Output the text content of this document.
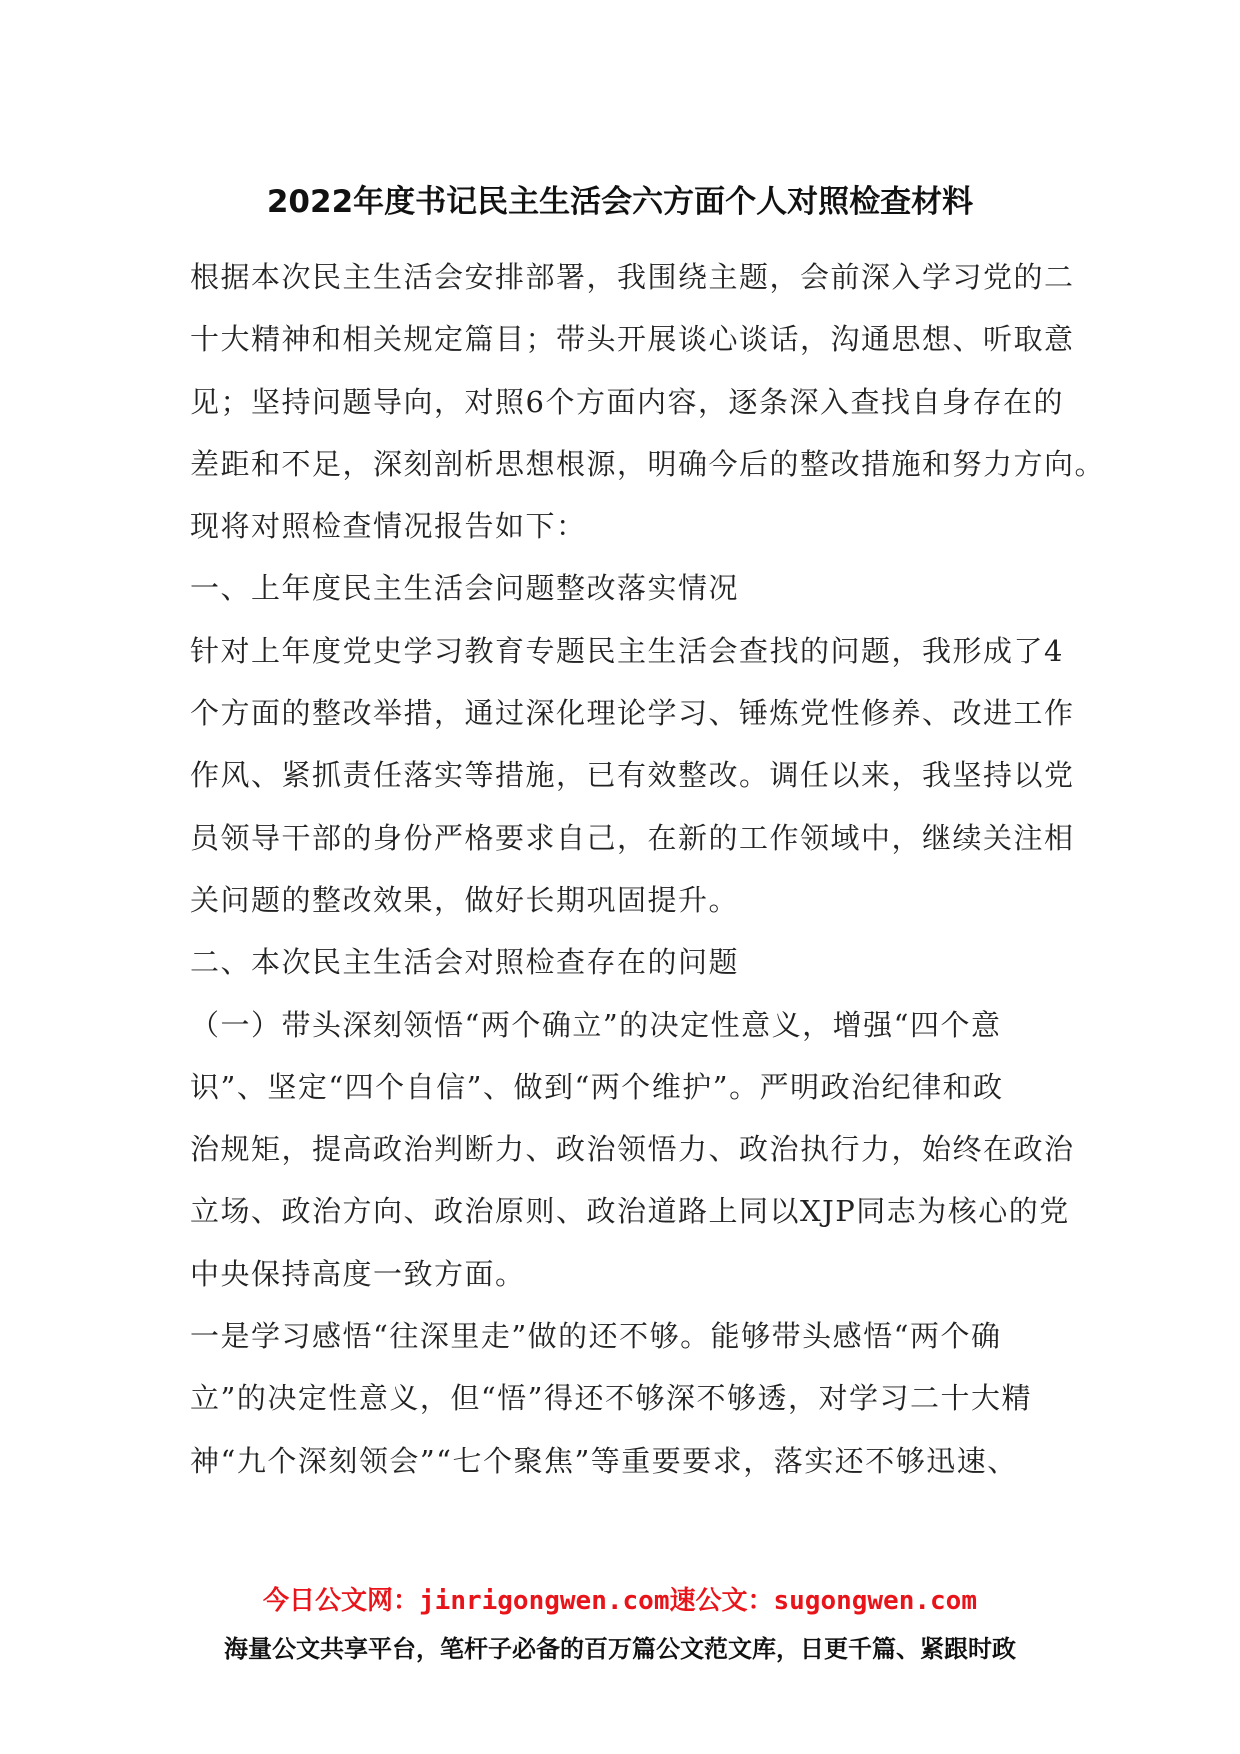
2022年度书记民主生活会六方面个人对照检查材料
根据本次民主生活会安排部署，我围绕主题，会前深入学习党的二
十大精神和相关规定篇目；带头开展谈心谈话，沟通思想、听取意
见；坚持问题导向，对照6个方面内容，逐条深入查找自身存在的
差距和不足，深刻剖析思想根源，明确今后的整改措施和努力方向。
现将对照检查情况报告如下：
一、上年度民主生活会问题整改落实情况
针对上年度党史学习教育专题民主生活会查找的问题，我形成了4
个方面的整改举措，通过深化理论学习、锤炼党性修养、改进工作
作风、紧抓责任落实等措施，已有效整改。调任以来，我坚持以党
员领导干部的身份严格要求自己，在新的工作领域中，继续关注相
关问题的整改效果，做好长期巩固提升。
二、本次民主生活会对照检查存在的问题
（一）带头深刻领悟“两个确立”的决定性意义，增强“四个意
识”、坚定“四个自信”、做到“两个维护”。严明政治纪律和政
治规矩，提高政治判断力、政治领悟力、政治执行力，始终在政治
立场、政治方向、政治原则、政治道路上同以XJP同志为核心的党
中央保持高度一致方面。
一是学习感悟“往深里走”做的还不够。能够带头感悟“两个确
立”的决定性意义，但“悟”得还不够深不够透，对学习二十大精
神“九个深刻领会”“七个聚焦”等重要要求，落实还不够迅速、
今日公文网：jinrigongwen.com速公文：sugongwen.com
海量公文共享平台，笔杆子必备的百万篇公文范文库，日更千篇、紧跟时政
